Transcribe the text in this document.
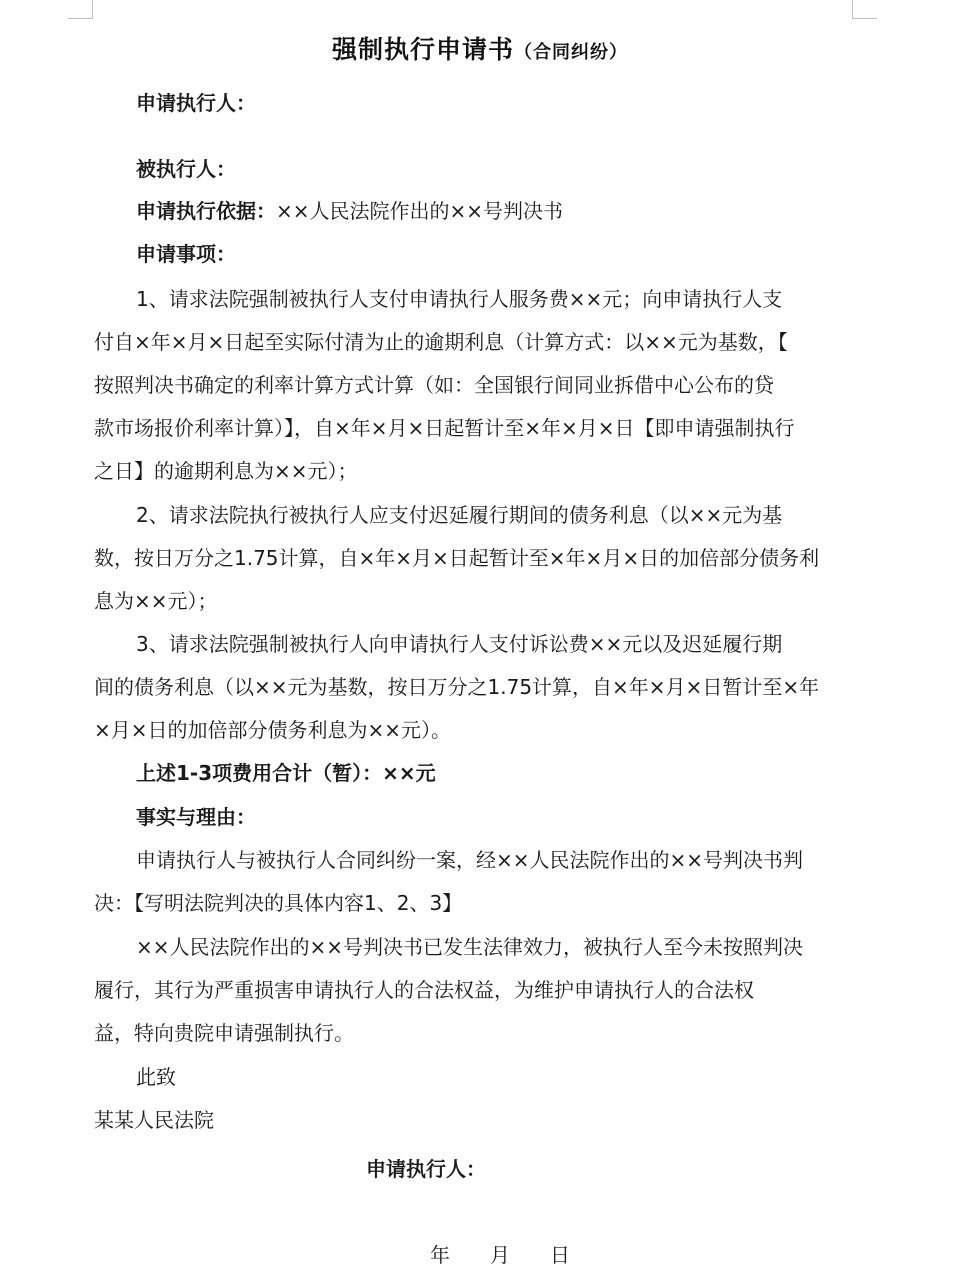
强制执行申请书（合同纠纷）
申请执行人：
被执行人：
申请执行依据：××人民法院作出的××号判决书
申请事项：
1、请求法院强制被执行人支付申请执行人服务费××元；向申请执行人支
付自×年×月×日起至实际付清为止的逾期利息（计算方式：以××元为基数，【
按照判决书确定的利率计算方式计算（如：全国银行间同业拆借中心公布的贷
款市场报价利率计算）】，自×年×月×日起暂计至×年×月×日【即申请强制执行
之日】的逾期利息为××元）；
2、请求法院执行被执行人应支付迟延履行期间的债务利息（以××元为基
数，按日万分之1.75计算，自×年×月×日起暂计至×年×月×日的加倍部分债务利
息为××元）；
3、请求法院强制被执行人向申请执行人支付诉讼费××元以及迟延履行期
间的债务利息（以××元为基数，按日万分之1.75计算，自×年×月×日暂计至×年
×月×日的加倍部分债务利息为××元）。
上述1-3项费用合计（暂）：××元
事实与理由：
申请执行人与被执行人合同纠纷一案，经××人民法院作出的××号判决书判
决：【写明法院判决的具体内容1、2、3】
××人民法院作出的××号判决书已发生法律效力，被执行人至今未按照判决
履行，其行为严重损害申请执行人的合法权益，为维护申请执行人的合法权
益，特向贵院申请强制执行。
此致
某某人民法院
申请执行人：
年　　月　　日
